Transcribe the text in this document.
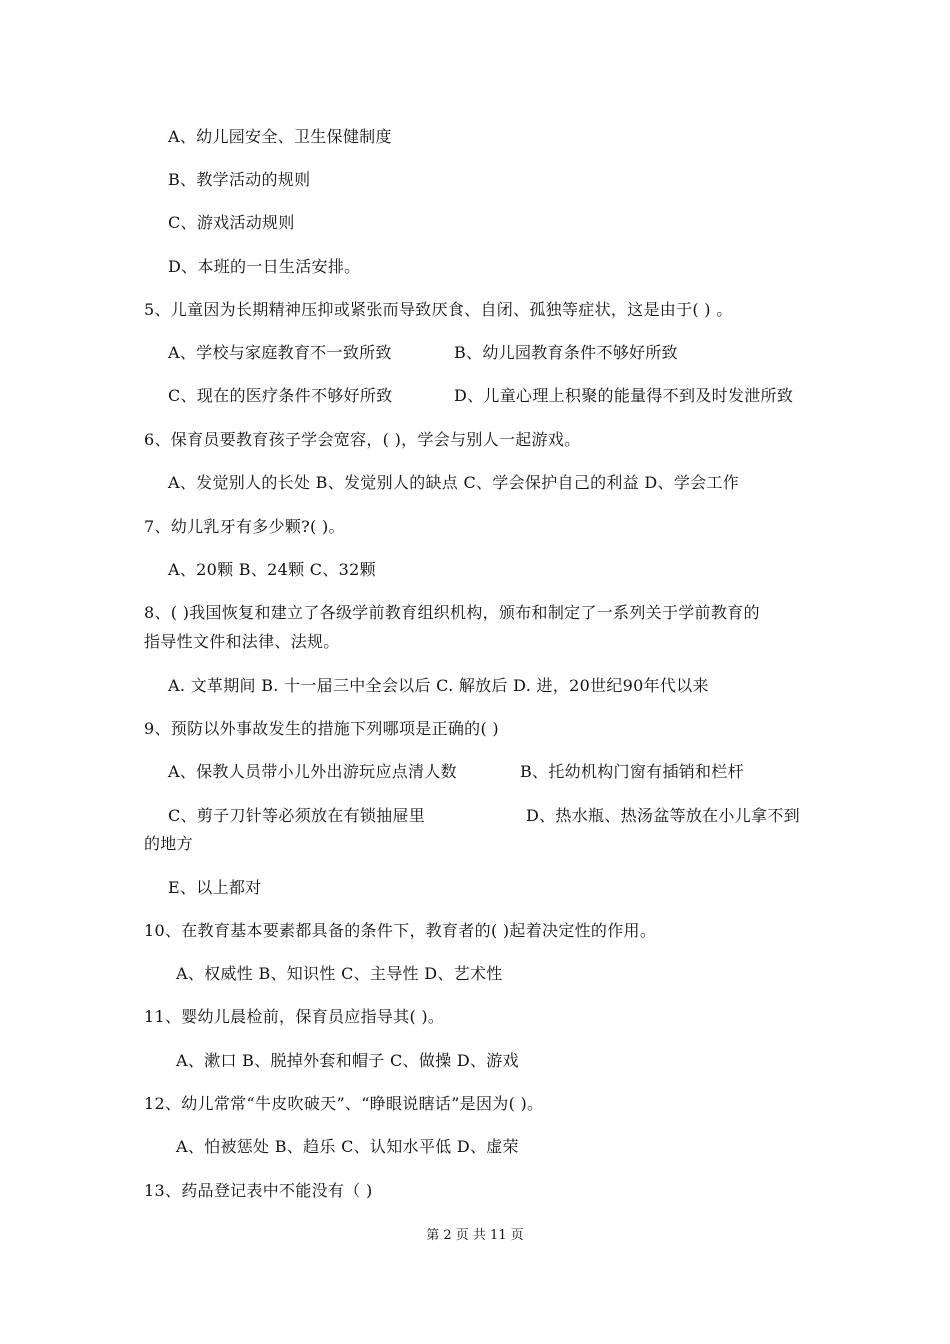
A、幼儿园安全、卫生保健制度
B、教学活动的规则
C、游戏活动规则
D、本班的一日生活安排。
5、儿童因为长期精神压抑或紧张而导致厌食、自闭、孤独等症状，这是由于( ) 。
A、学校与家庭教育不一致所致	B、幼儿园教育条件不够好所致
C、现在的医疗条件不够好所致	D、儿童心理上积聚的能量得不到及时发泄所致
6、保育员要教育孩子学会宽容，( )，学会与别人一起游戏。
A、发觉别人的长处 B、发觉别人的缺点 C、学会保护自己的利益 D、学会工作
7、幼儿乳牙有多少颗?( )。
A、20颗 B、24颗 C、32颗
8、( )我国恢复和建立了各级学前教育组织机构，颁布和制定了一系列关于学前教育的
指导性文件和法律、法规。
A. 文革期间 B. 十一届三中全会以后 C. 解放后 D. 进，20世纪90年代以来
9、预防以外事故发生的措施下列哪项是正确的( )
A、保教人员带小儿外出游玩应点清人数	B、托幼机构门窗有插销和栏杆
C、剪子刀针等必须放在有锁抽屉里	D、热水瓶、热汤盆等放在小儿拿不到
的地方
E、以上都对
10、在教育基本要素都具备的条件下，教育者的( )起着决定性的作用。
A、权威性 B、知识性 C、主导性 D、艺术性
11、婴幼儿晨检前，保育员应指导其( )。
A、漱口 B、脱掉外套和帽子 C、做操 D、游戏
12、幼儿常常“牛皮吹破天”、“睁眼说瞎话”是因为( )。
A、怕被惩处 B、趋乐 C、认知水平低 D、虚荣
13、药品登记表中不能没有（ )
第 2 页 共 11 页
